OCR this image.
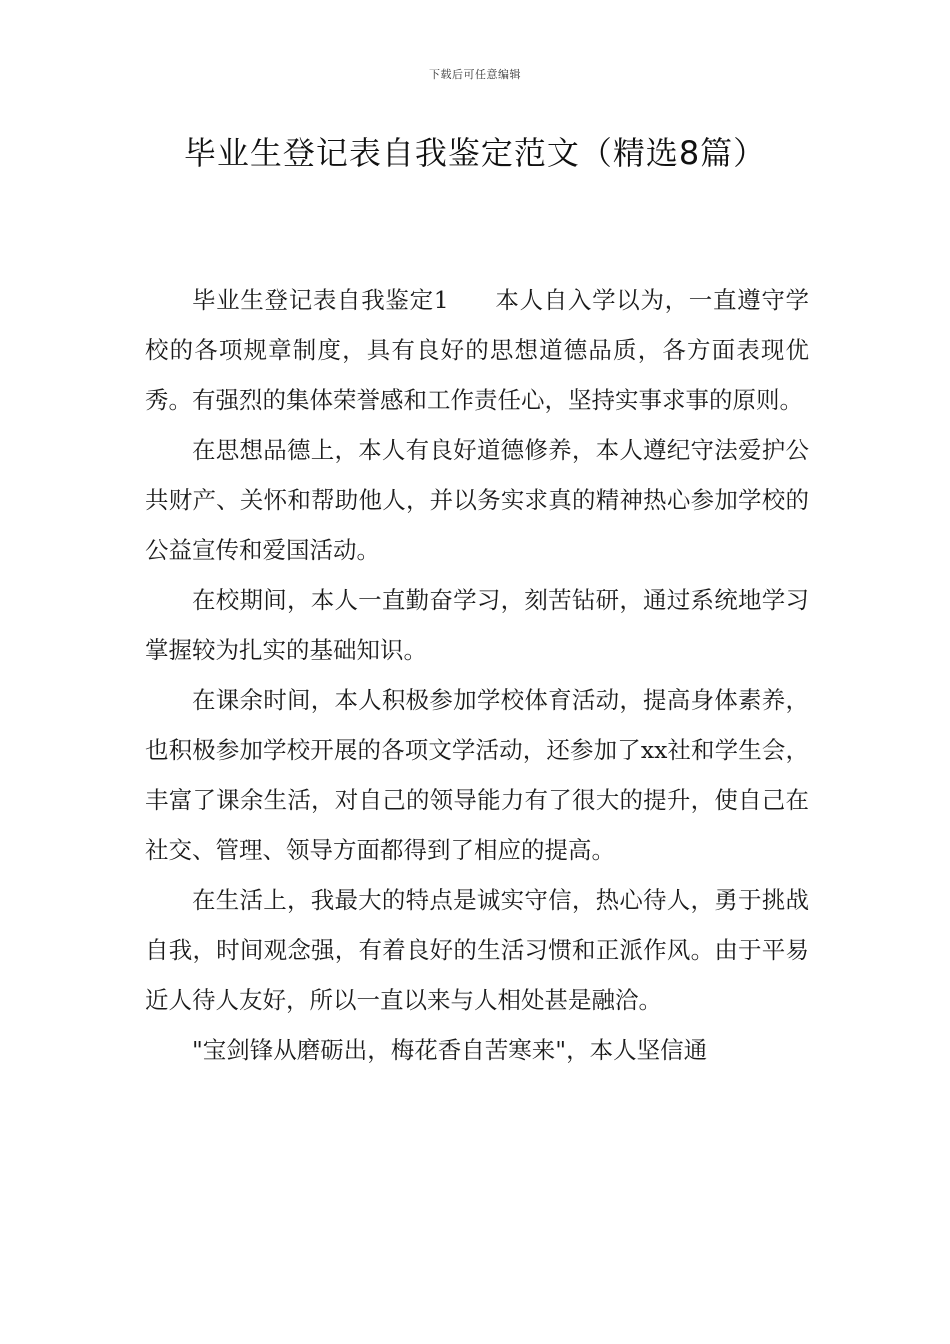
下载后可任意编辑
毕业生登记表自我鉴定范文（精选8篇）

毕业生登记表自我鉴定1 本人自入学以为，一直遵守学校的各项规章制度，具有良好的思想道德品质，各方面表现优秀。有强烈的集体荣誉感和工作责任心，坚持实事求事的原则。

在思想品德上，本人有良好道德修养，本人遵纪守法爱护公共财产、关怀和帮助他人，并以务实求真的精神热心参加学校的公益宣传和爱国活动。

在校期间，本人一直勤奋学习，刻苦钻研，通过系统地学习掌握较为扎实的基础知识。

在课余时间，本人积极参加学校体育活动，提高身体素养，也积极参加学校开展的各项文学活动，还参加了xx社和学生会，丰富了课余生活，对自己的领导能力有了很大的提升，使自己在社交、管理、领导方面都得到了相应的提高。

在生活上，我最大的特点是诚实守信，热心待人，勇于挑战自我，时间观念强，有着良好的生活习惯和正派作风。由于平易近人待人友好，所以一直以来与人相处甚是融洽。

"宝剑锋从磨砺出，梅花香自苦寒来"，本人坚信通
